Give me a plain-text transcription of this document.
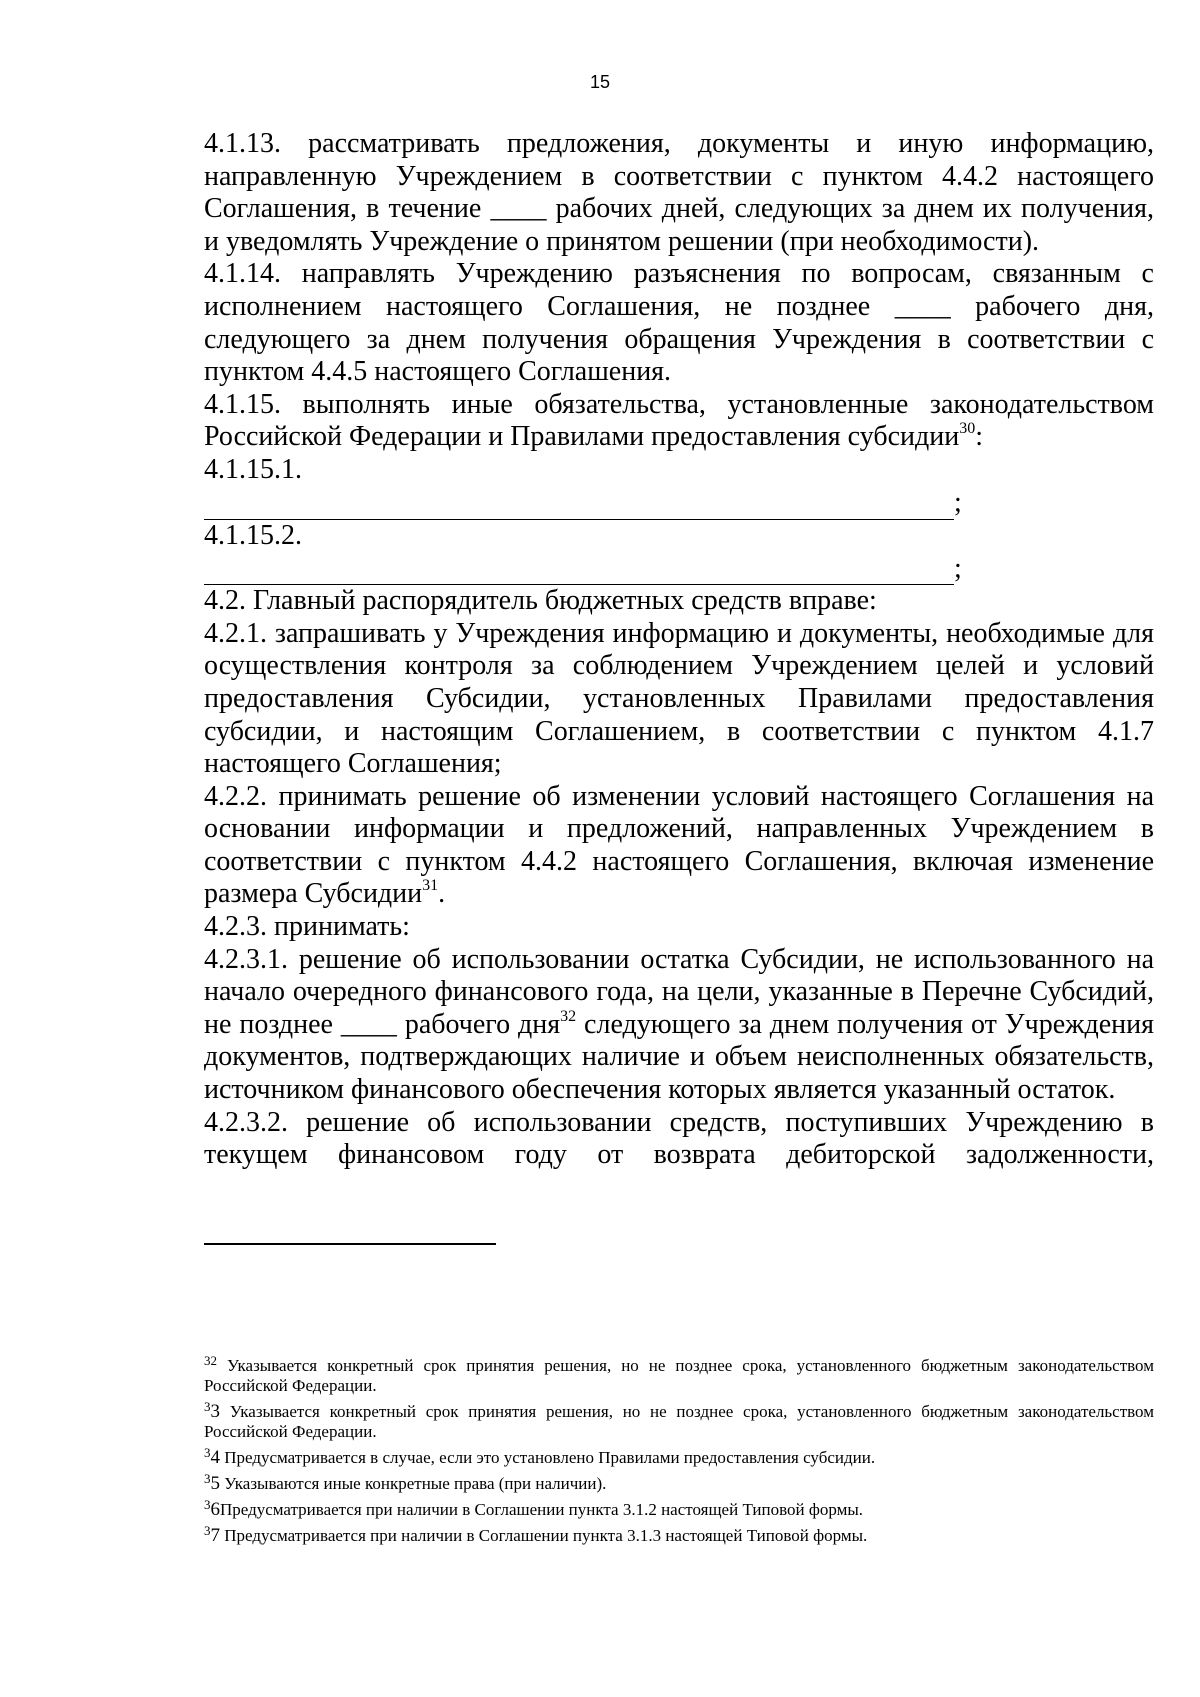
15

4.1.13. рассматривать предложения, документы и иную информацию, направленную Учреждением в соответствии с пунктом 4.4.2 настоящего Соглашения, в течение ____ рабочих дней, следующих за днем их получения, и уведомлять Учреждение о принятом решении (при необходимости).

4.1.14. направлять Учреждению разъяснения по вопросам, связанным с исполнением настоящего Соглашения, не позднее ____ рабочего дня, следующего за днем получения обращения Учреждения в соответствии с пунктом 4.4.5 настоящего Соглашения.

4.1.15. выполнять иные обязательства, установленные законодательством Российской Федерации и Правилами предоставления субсидии$^{30}$:

4.1.15.1.

;

4.1.15.2.

;

4.2. Главный распорядитель бюджетных средств вправе:

4.2.1. запрашивать у Учреждения информацию и документы, необходимые для осуществления контроля за соблюдением Учреждением целей и условий предоставления Субсидии, установленных Правилами предоставления субсидии, и настоящим Соглашением, в соответствии с пунктом 4.1.7 настоящего Соглашения;

4.2.2. принимать решение об изменении условий настоящего Соглашения на основании информации и предложений, направленных Учреждением в соответствии с пунктом 4.4.2 настоящего Соглашения, включая изменение размера Субсидии$^{31}$.

4.2.3. принимать:

4.2.3.1. решение об использовании остатка Субсидии, не использованного на начало очередного финансового года, на цели, указанные в Перечне Субсидий, не позднее ____ рабочего дня$^{32}$ следующего за днем получения от Учреждения документов, подтверждающих наличие и объем неисполненных обязательств, источником финансового обеспечения которых является указанный остаток.

4.2.3.2. решение об использовании средств, поступивших Учреждению в текущем финансовом году от возврата дебиторской задолженности,

$^{32}$ Указывается конкретный срок принятия решения, но не позднее срока, установленного бюджетным законодательством Российской Федерации.

$^3$3 Указывается конкретный срок принятия решения, но не позднее срока, установленного бюджетным законодательством Российской Федерации.

$^3$4 Предусматривается в случае, если это установлено Правилами предоставления субсидии.

$^3$5 Указываются иные конкретные права (при наличии).

$^3$6Предусматривается при наличии в Соглашении пункта 3.1.2 настоящей Типовой формы.

$^3$7 Предусматривается при наличии в Соглашении пункта 3.1.3 настоящей Типовой формы.
